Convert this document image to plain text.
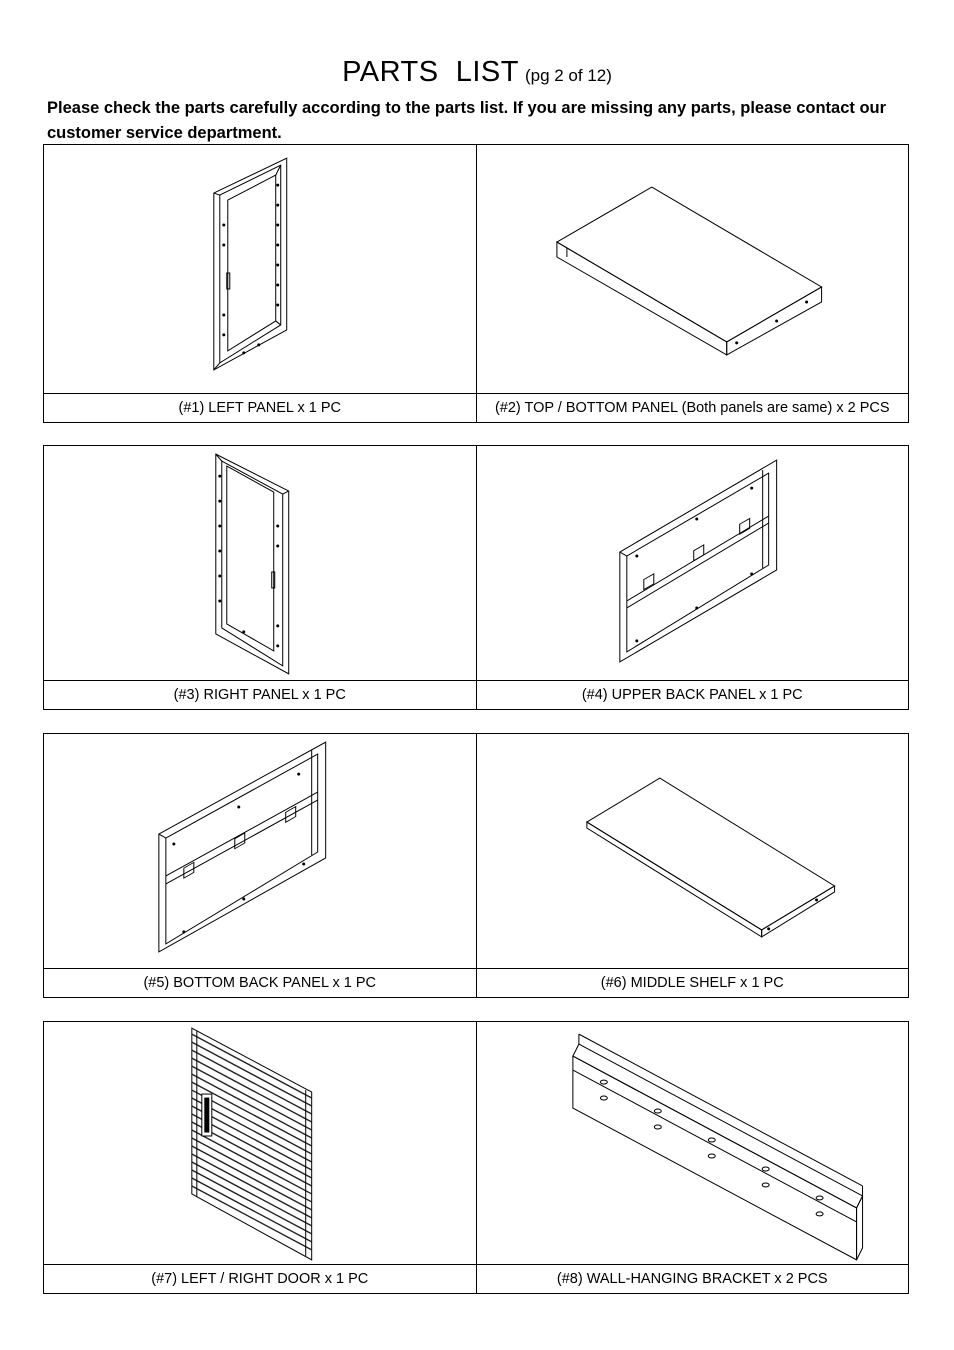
PARTS  LIST (pg 2 of 12)
Please check the parts carefully according to the parts list. If you are missing any parts, please contact our customer service department.
(#1) LEFT PANEL x 1 PC	(#2) TOP / BOTTOM PANEL (Both panels are same) x 2 PCS
(#3) RIGHT PANEL x 1 PC	(#4) UPPER BACK PANEL x 1 PC
(#5) BOTTOM BACK PANEL x 1 PC	(#6) MIDDLE SHELF x 1 PC
(#7) LEFT / RIGHT DOOR x 1 PC	(#8) WALL-HANGING BRACKET x 2 PCS
